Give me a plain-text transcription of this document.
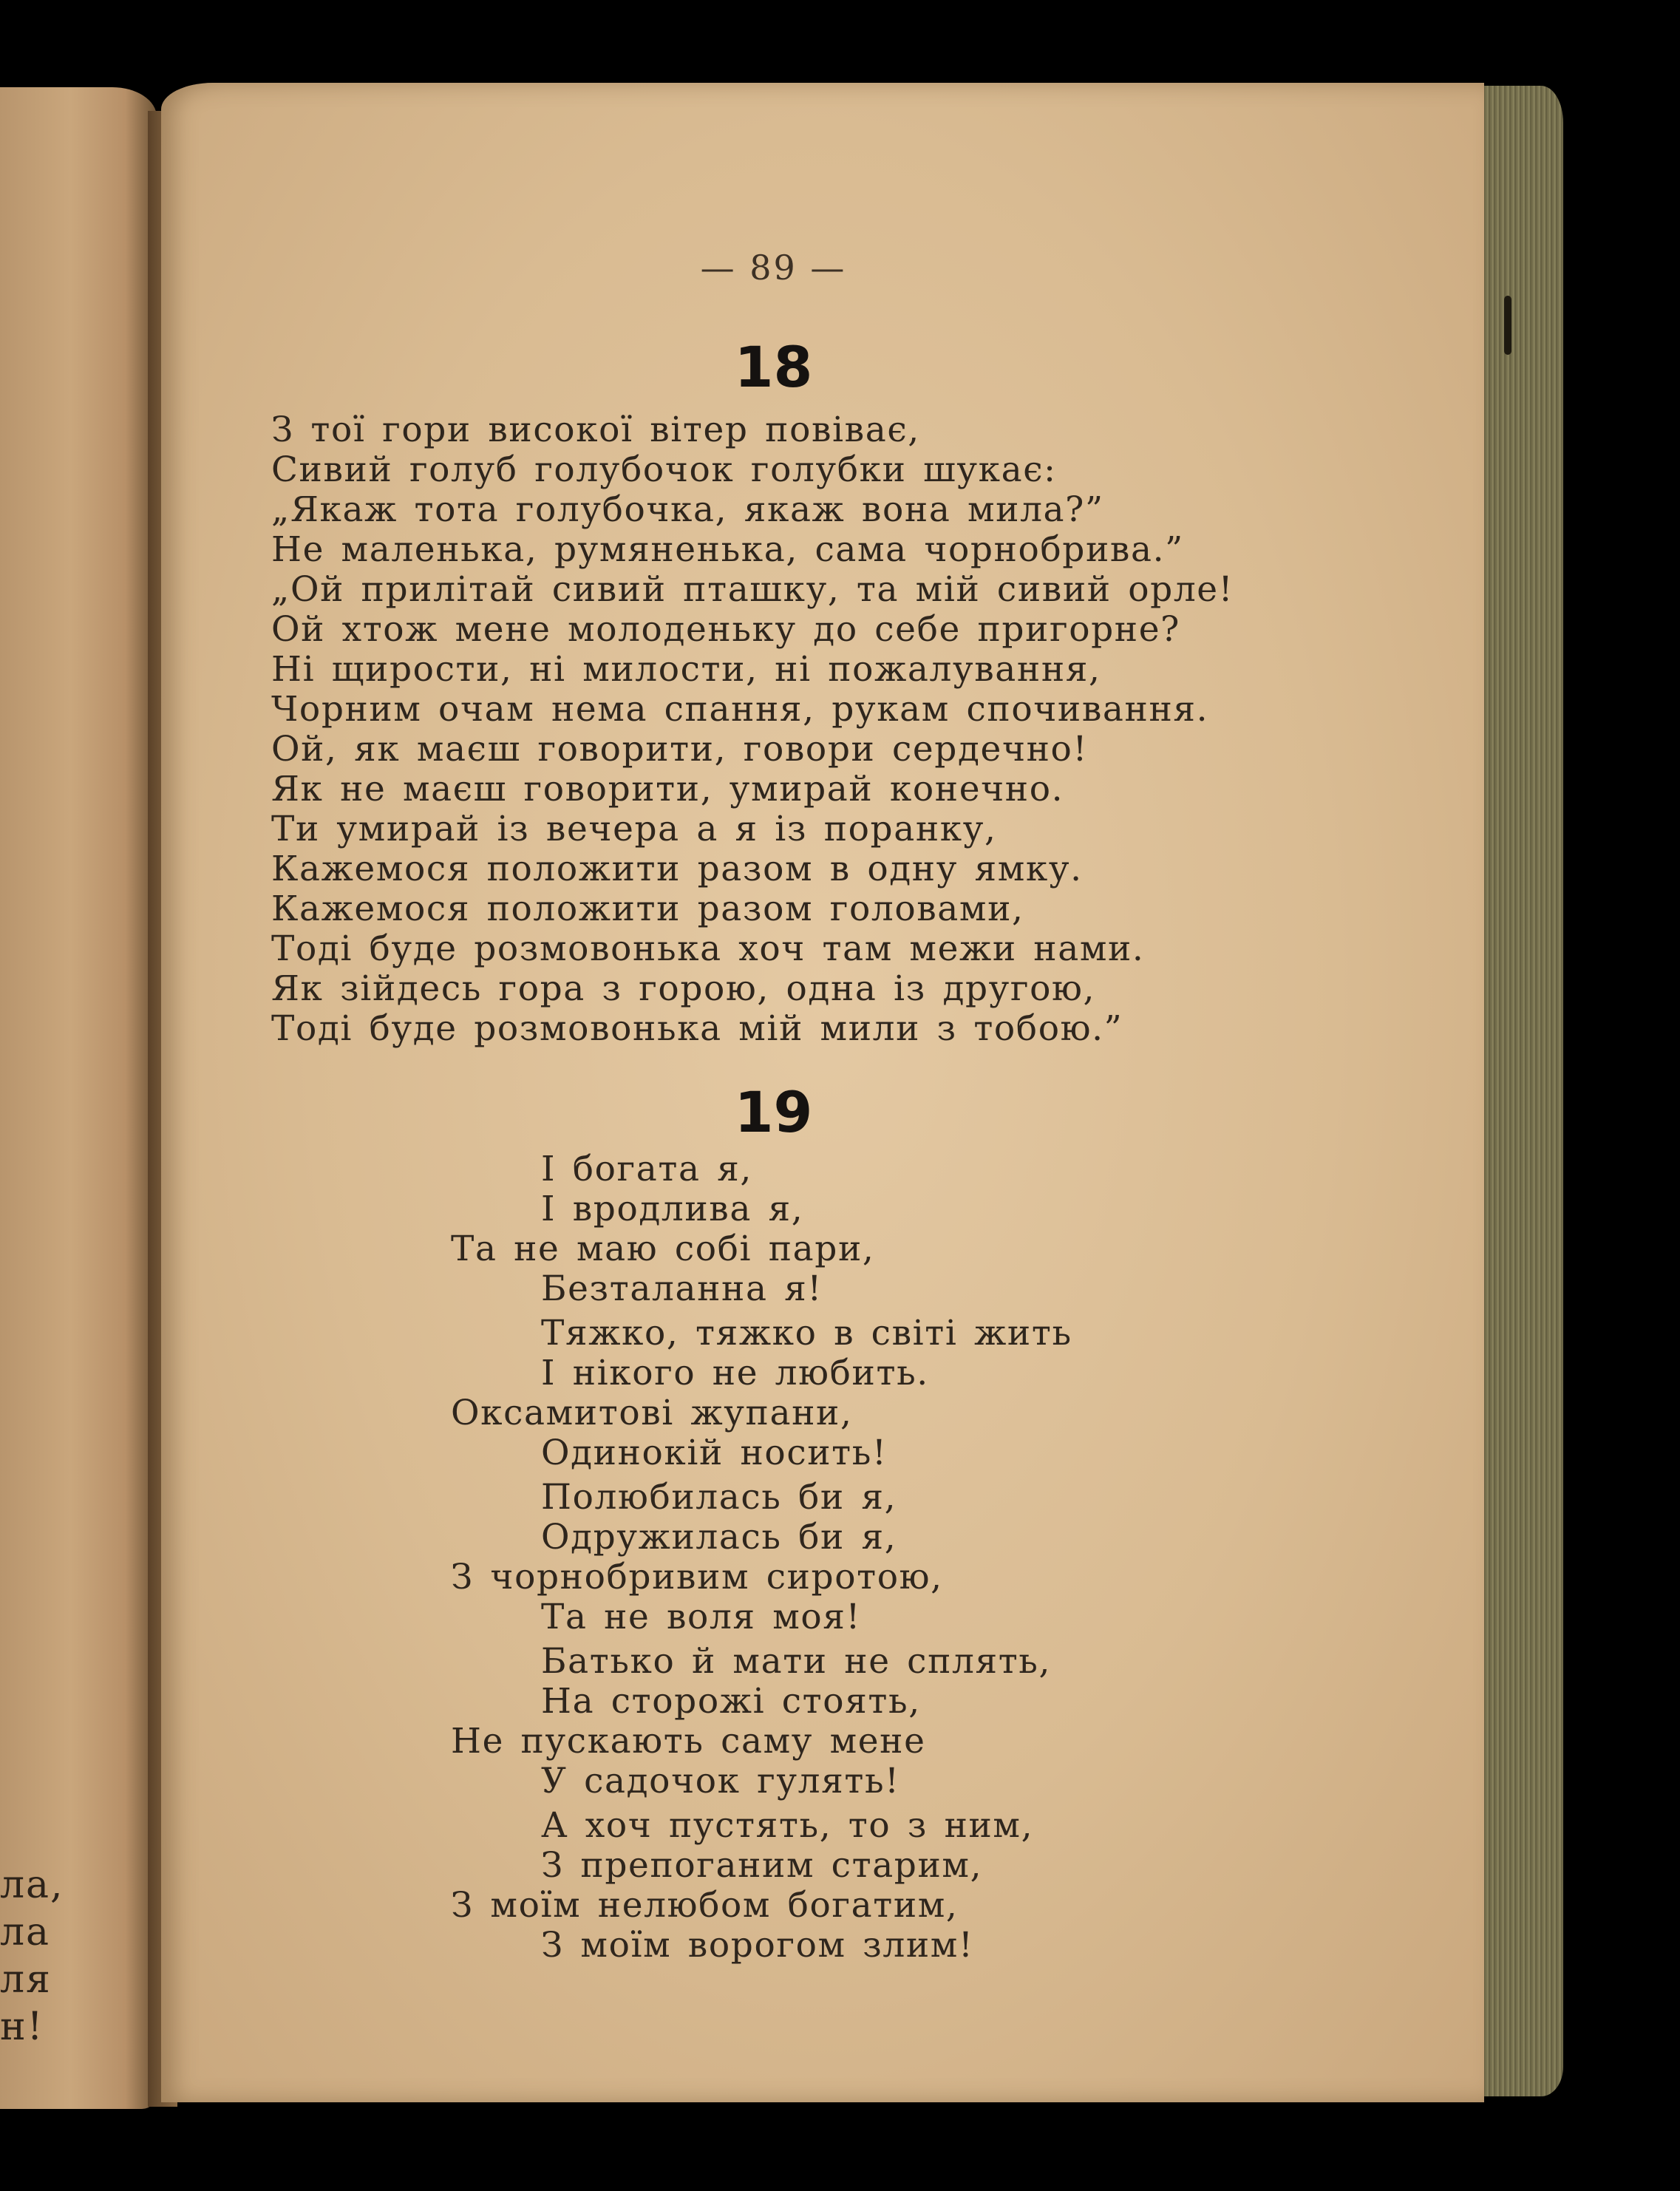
ла,
ла
ля
н!
— 89 —
18
З тої гори високої вітер повіває,
Сивий голуб голубочок голубки шукає:
„Якаж тота голубочка, якаж вона мила?”
Не маленька, румяненька, сама чорнобрива.”
„Ой прилітай сивий пташку, та мій сивий орле!
Ой хтож мене молоденьку до себе пригорне?
Ні щирости, ні милости, ні пожалування,
Чорним очам нема спання, рукам спочивання.
Ой, як маєш говорити, говори сердечно!
Як не маєш говорити, умирай конечно.
Ти умирай із вечера а я із поранку,
Кажемося положити разом в одну ямку.
Кажемося положити разом головами,
Тоді буде розмовонька хоч там межи нами.
Як зійдесь гора з горою, одна із другою,
Тоді буде розмовонька мій мили з тобою.”
19
І богата я,
І вродлива я,
Та не маю собі пари,
Безталанна я!
Тяжко, тяжко в світі жить
І нікого не любить.
Оксамитові жупани,
Одинокій носить!
Полюбилась би я,
Одружилась би я,
З чорнобривим сиротою,
Та не воля моя!
Батько й мати не сплять,
На сторожі стоять,
Не пускають саму мене
У садочок гулять!
А хоч пустять, то з ним,
З препоганим старим,
З моїм нелюбом богатим,
З моїм ворогом злим!
